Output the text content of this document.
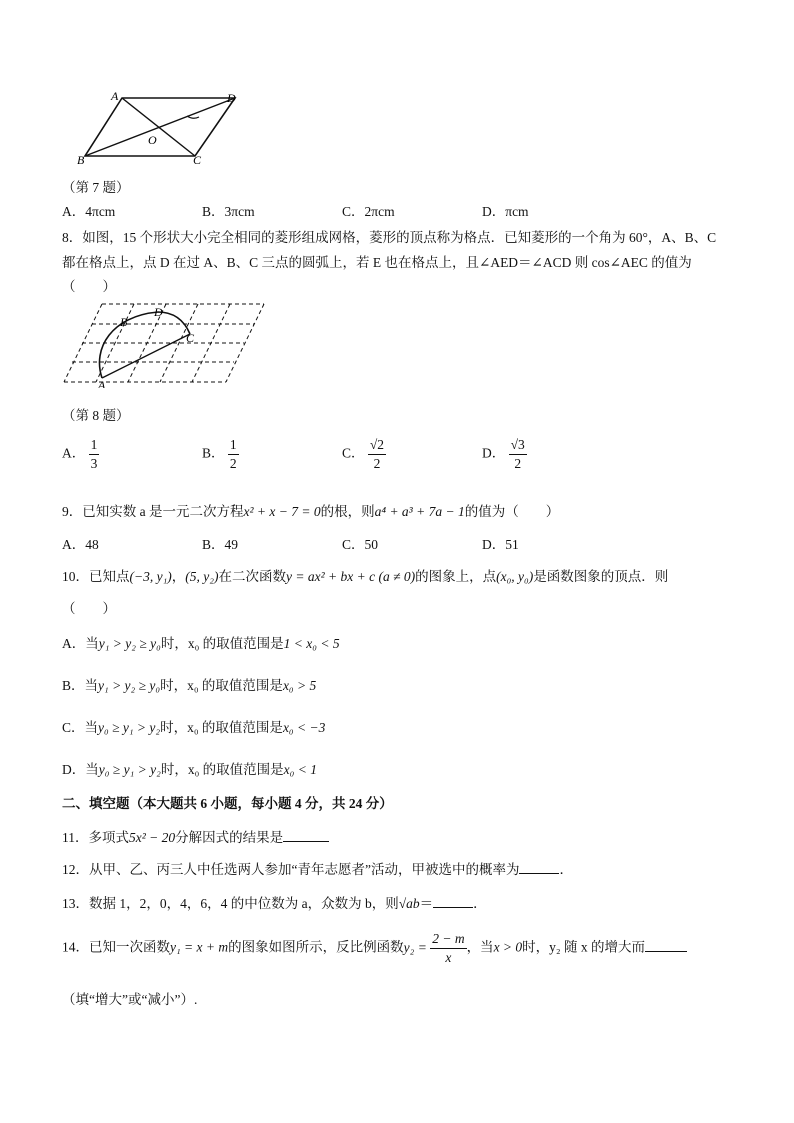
A	D
B	C
O
（第 7 题）
A．4πcm	B．3πcm	C．2πcm	D．πcm
8．如图，15 个形状大小完全相同的菱形组成网格，菱形的顶点称为格点．已知菱形的一个角为 60°，A、B、C
都在格点上，点 D 在过 A、B、C 三点的圆弧上，若 E 也在格点上，且∠AED＝∠ACD 则 cos∠AEC 的值为
（　　）
B
D
C
A
（第 8 题）
A． $\frac{1}{3}$	B． $\frac{1}{2}$	C． $\frac{√2}{2}$	D． $\frac{√3}{2}$
9．已知实数 a 是一元二次方程x² + x − 7 = 0的根，则a⁴ + a³ + 7a − 1的值为（　　）
A．48	B．49	C．50	D．51
10．已知点(−3, y₁)，(5, y₂)在二次函数y = ax² + bx + c (a ≠ 0)的图象上，点(x₀, y₀)是函数图象的顶点．则
（　　）
A．当y₁ > y₂ ≥ y₀时，x₀ 的取值范围是1 < x₀ < 5
B．当y₁ > y₂ ≥ y₀时，x₀ 的取值范围是x₀ > 5
C．当y₀ ≥ y₁ > y₂时，x₀ 的取值范围是x₀ < −3
D．当y₀ ≥ y₁ > y₂时，x₀ 的取值范围是x₀ < 1
二、填空题（本大题共 6 小题，每小题 4 分，共 24 分）
11．多项式5x² − 20分解因式的结果是
12．从甲、乙、丙三人中任选两人参加“青年志愿者”活动，甲被选中的概率为	．
13．数据 1，2，0，4，6，4 的中位数为 a，众数为 b，则√ab＝	．
14．已知一次函数y₁ = x + m的图象如图所示，反比例函数$y_2 = \frac{2 - m}{x}$ ，当x > 0时，y₂ 随 x 的增大而
（填“增大”或“减小”）.
